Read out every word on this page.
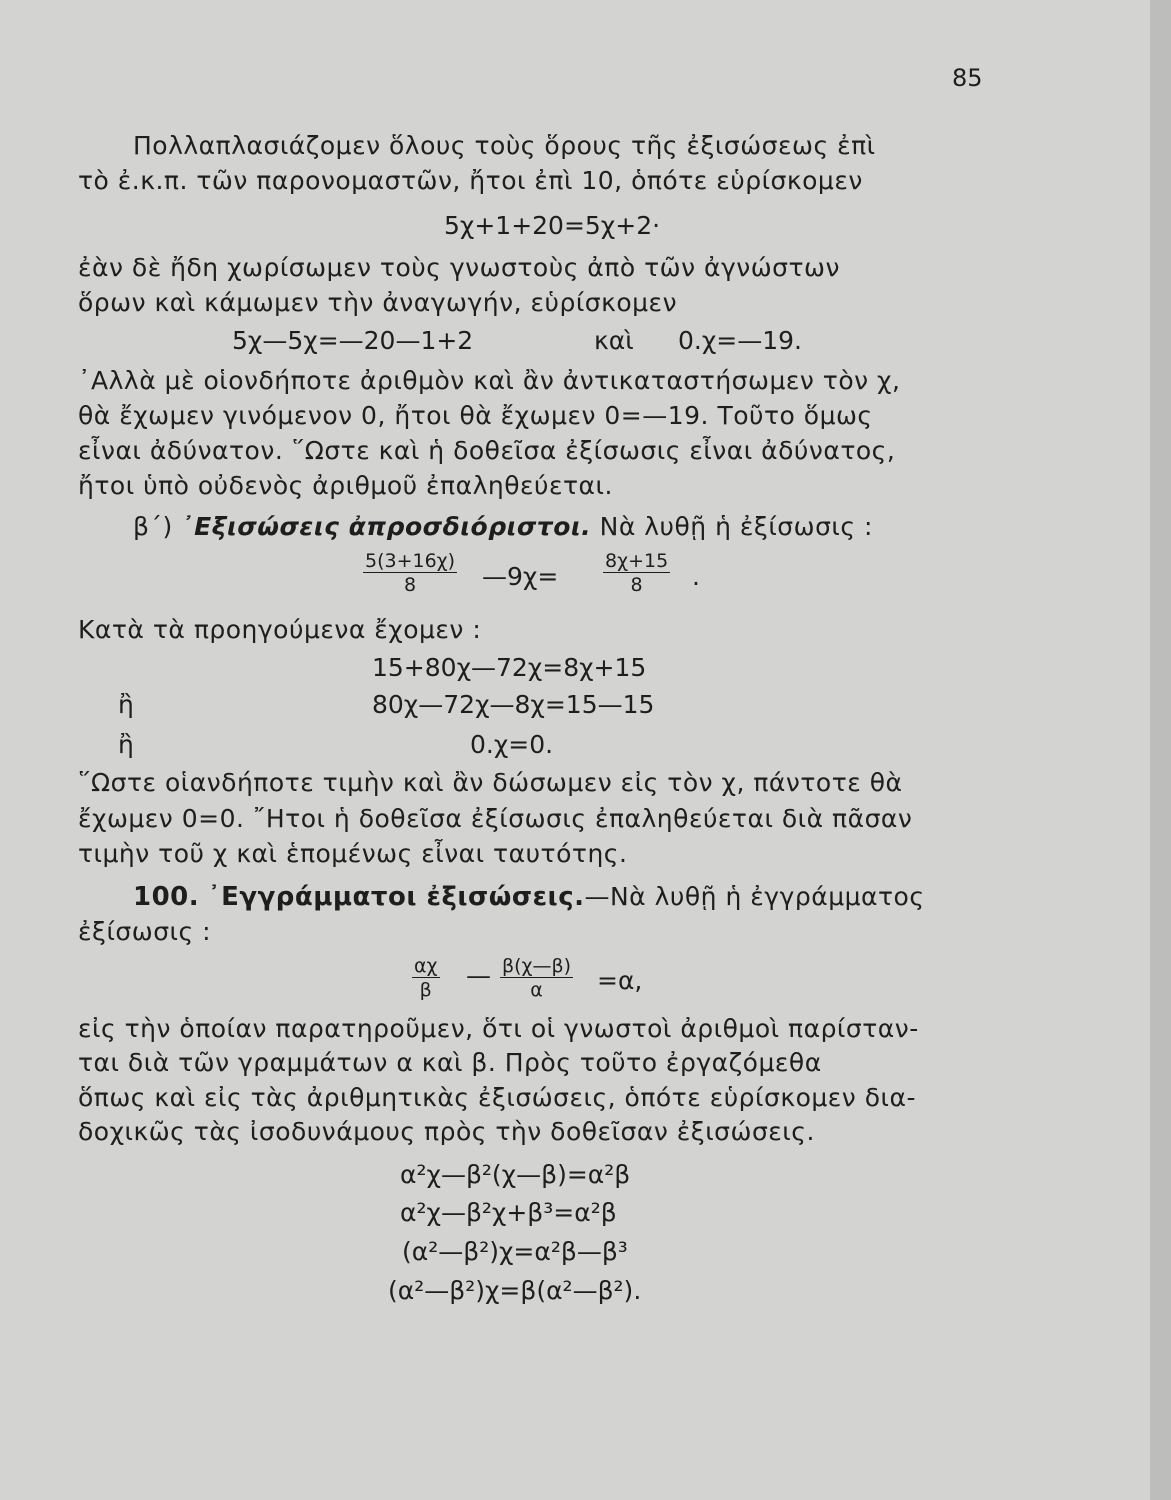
85
Πολλαπλασιάζομεν ὅλους τοὺς ὅρους τῆς ἐξισώσεως ἐπὶ
τὸ ἐ.κ.π. τῶν παρονομαστῶν, ἤτοι ἐπὶ 10, ὁπότε εὑρίσκομεν
5χ+1+20=5χ+2·
ἐὰν δὲ ἤδη χωρίσωμεν τοὺς γνωστοὺς ἀπὸ τῶν ἀγνώστων
ὅρων καὶ κάμωμεν τὴν ἀναγωγήν, εὑρίσκομεν
5χ—5χ=—20—1+2	καὶ 0.χ=—19.
᾿Αλλὰ μὲ οἱονδήποτε ἀριθμὸν καὶ ἂν ἀντικαταστήσωμεν τὸν χ,
θὰ ἔχωμεν γινόμενον 0, ἤτοι θὰ ἔχωμεν 0=—19. Τοῦτο ὅμως
εἶναι ἀδύνατον. ῞Ωστε καὶ ἡ δοθεῖσα ἐξίσωσις εἶναι ἀδύνατος,
ἤτοι ὑπὸ οὐδενὸς ἀριθμοῦ ἐπαληθεύεται.
β΄) ᾿Εξισώσεις ἀπροσδιόριστοι. Νὰ λυθῇ ἡ ἐξίσωσις :
$\frac{5(3+16\chi)}{8}$ —9χ= $\frac{8\chi+15}{8}$ .
Κατὰ τὰ προηγούμενα ἔχομεν :
15+80χ—72χ=8χ+15
ἢ	80χ—72χ—8χ=15—15
ἢ	0.χ=0.
῞Ωστε οἱανδήποτε τιμὴν καὶ ἂν δώσωμεν εἰς τὸν χ, πάντοτε θὰ
ἔχωμεν 0=0. ῎Ητοι ἡ δοθεῖσα ἐξίσωσις ἐπαληθεύεται διὰ πᾶσαν
τιμὴν τοῦ χ καὶ ἑπομένως εἶναι ταυτότης.
100. ᾿Εγγράμματοι ἐξισώσεις.—Νὰ λυθῇ ἡ ἐγγράμματος
ἐξίσωσις :
$\frac{\alpha\chi}{\beta}$ — $\frac{\beta(\chi—\beta)}{\alpha} =\alpha$,
εἰς τὴν ὁποίαν παρατηροῦμεν, ὅτι οἱ γνωστοὶ ἀριθμοὶ παρίσταν-
ται διὰ τῶν γραμμάτων α καὶ β. Πρὸς τοῦτο ἐργαζόμεθα
ὅπως καὶ εἰς τὰς ἀριθμητικὰς ἐξισώσεις, ὁπότε εὑρίσκομεν δια-
δοχικῶς τὰς ἰσοδυνάμους πρὸς τὴν δοθεῖσαν ἐξισώσεις.
α²χ—β²(χ—β)=α²β
α²χ—β²χ+β³=α²β
(α²—β²)χ=α²β—β³
(α²—β²)χ=β(α²—β²).
